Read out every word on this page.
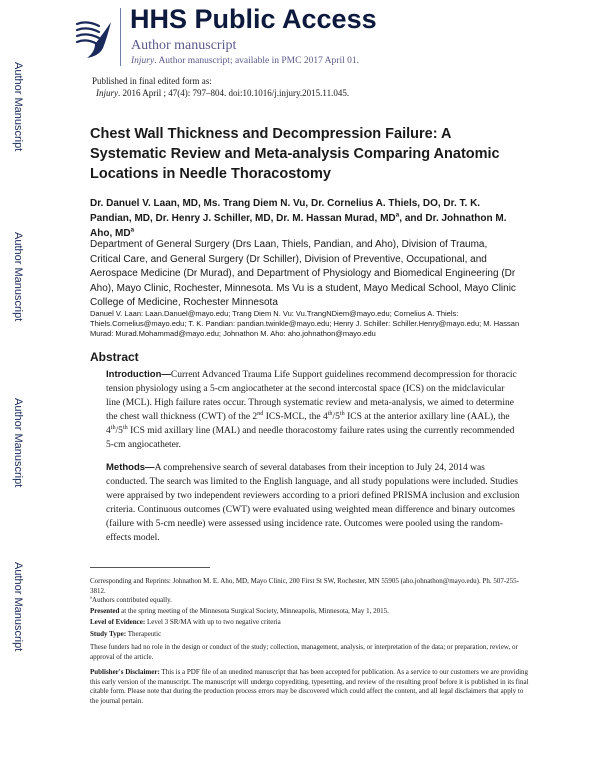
HHS Public Access
Author manuscript
Injury. Author manuscript; available in PMC 2017 April 01.
Author Manuscript
Author Manuscript
Author Manuscript
Author Manuscript
Published in final edited form as:
Injury. 2016 April ; 47(4): 797–804. doi:10.1016/j.injury.2015.11.045.
Chest Wall Thickness and Decompression Failure: A Systematic Review and Meta-analysis Comparing Anatomic Locations in Needle Thoracostomy
Dr. Danuel V. Laan, MD, Ms. Trang Diem N. Vu, Dr. Cornelius A. Thiels, DO, Dr. T. K. Pandian, MD, Dr. Henry J. Schiller, MD, Dr. M. Hassan Murad, $MD^a$, and Dr. Johnathon M. Aho, $MD^a$
Department of General Surgery (Drs Laan, Thiels, Pandian, and Aho), Division of Trauma, Critical Care, and General Surgery (Dr Schiller), Division of Preventive, Occupational, and Aerospace Medicine (Dr Murad), and Department of Physiology and Biomedical Engineering (Dr Aho), Mayo Clinic, Rochester, Minnesota. Ms Vu is a student, Mayo Medical School, Mayo Clinic College of Medicine, Rochester Minnesota
Danuel V. Laan: Laan.Danuel@mayo.edu; Trang Diem N. Vu: Vu.TrangNDiem@mayo.edu; Cornelius A. Thiels: Thiels.Cornelius@mayo.edu; T. K. Pandian: pandian.twinkle@mayo.edu; Henry J. Schiller: Schiller.Henry@mayo.edu; M. Hassan Murad: Murad.Mohammad@mayo.edu; Johnathon M. Aho: aho.johnathon@mayo.edu
Abstract
Introduction—Current Advanced Trauma Life Support guidelines recommend decompression for thoracic tension physiology using a 5-cm angiocatheter at the second intercostal space (ICS) on the midclavicular line (MCL). High failure rates occur. Through systematic review and meta-analysis, we aimed to determine the chest wall thickness (CWT) of the 2nd ICS-MCL, the 4th/5th ICS at the anterior axillary line (AAL), the 4th/5th ICS mid axillary line (MAL) and needle thoracostomy failure rates using the currently recommended 5-cm angiocatheter.
Methods—A comprehensive search of several databases from their inception to July 24, 2014 was conducted. The search was limited to the English language, and all study populations were included. Studies were appraised by two independent reviewers according to a priori defined PRISMA inclusion and exclusion criteria. Continuous outcomes (CWT) were evaluated using weighted mean difference and binary outcomes (failure with 5-cm needle) were assessed using incidence rate. Outcomes were pooled using the random-effects model.
Corresponding and Reprints: Johnathon M. E. Aho, MD, Mayo Clinic, 200 First St SW, Rochester, MN 55905 (aho.johnathon@mayo.edu). Ph. 507-255-3812.
$^a$Authors contributed equally.
Presented at the spring meeting of the Minnesota Surgical Society, Minneapolis, Minnesota, May 1, 2015.
Level of Evidence: Level 3 SR/MA with up to two negative criteria
Study Type: Therapeutic
These funders had no role in the design or conduct of the study; collection, management, analysis, or interpretation of the data; or preparation, review, or approval of the article.
Publisher's Disclaimer: This is a PDF file of an unedited manuscript that has been accepted for publication. As a service to our customers we are providing this early version of the manuscript. The manuscript will undergo copyediting, typesetting, and review of the resulting proof before it is published in its final citable form. Please note that during the production process errors may be discovered which could affect the content, and all legal disclaimers that apply to the journal pertain.
